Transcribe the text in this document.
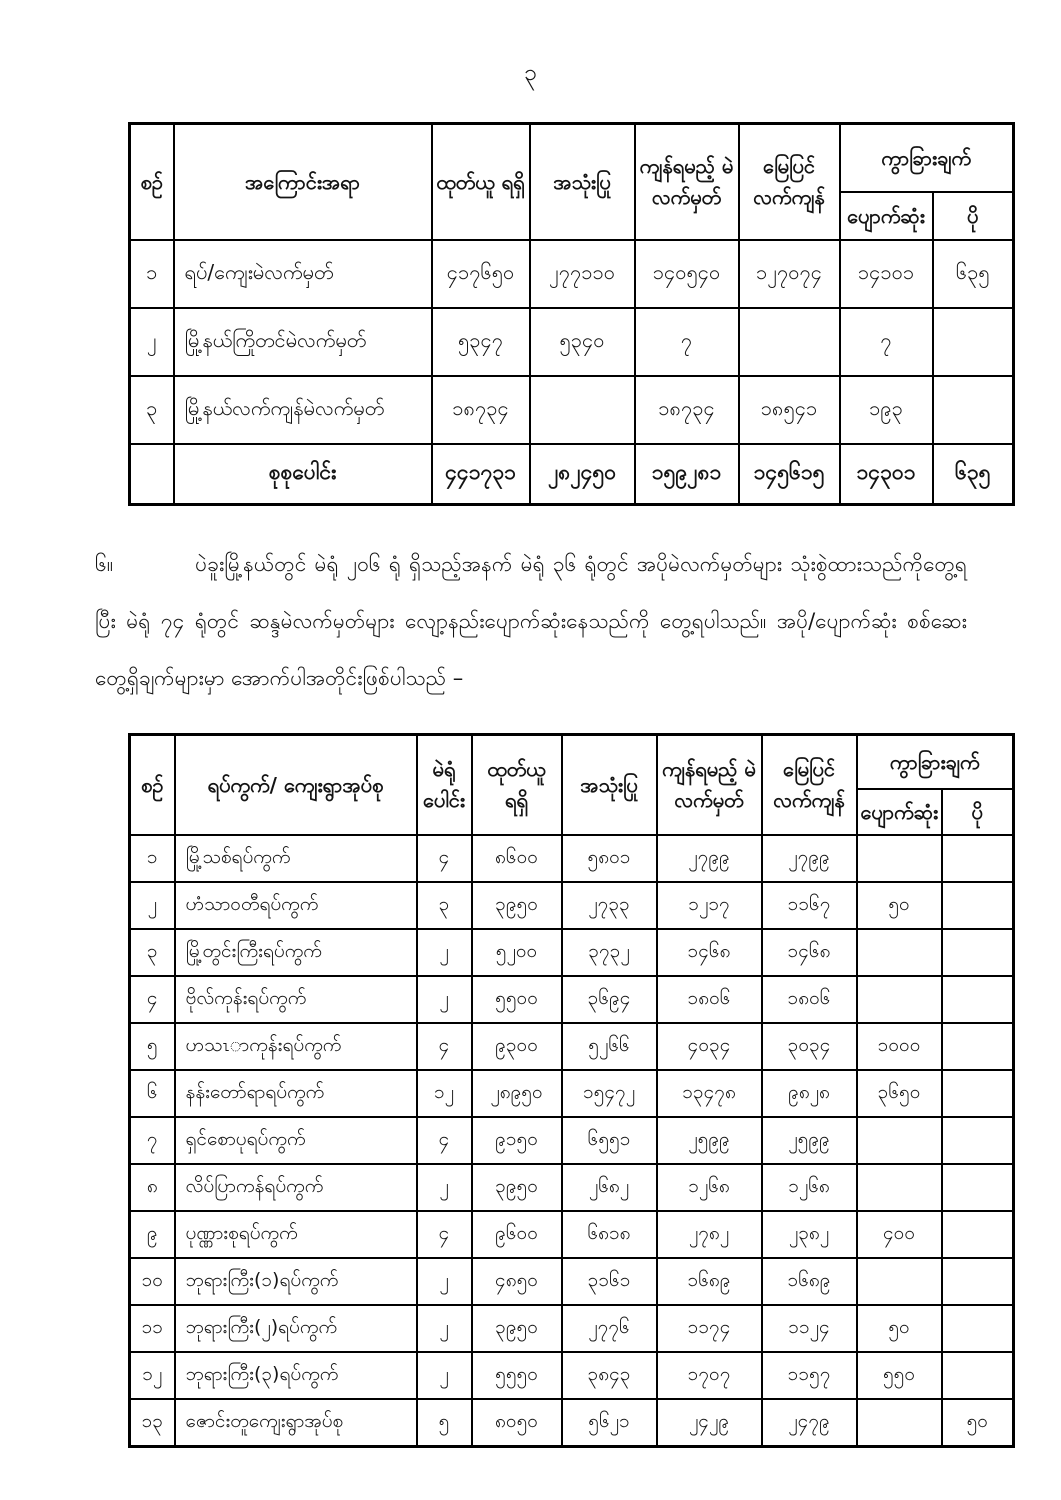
၃
စဉ်	အကြောင်းအရာ	ထုတ်ယူ ရရှိ	အသုံးပြု	ကျန်ရမည့် မဲလက်မှတ်	မြေပြင် လက်ကျန်	ကွာခြားချက်	
						ပျောက်ဆုံး	ပို
၁	ရပ်/ကျေးမဲလက်မှတ်	၄၁၇၆၅၀	၂၇၇၁၁၀	၁၄၀၅၄၀	၁၂၇၀၇၄	၁၄၁၀၁	၆၃၅
၂	မြို့နယ်ကြိုတင်မဲလက်မှတ်	၅၃၄၇	၅၃၄၀	၇		၇	
၃	မြို့နယ်လက်ကျန်မဲလက်မှတ်	၁၈၇၃၄		၁၈၇၃၄	၁၈၅၄၁	၁၉၃	
	စုစုပေါင်း	၄၄၁၇၃၁	၂၈၂၄၅၀	၁၅၉၂၈၁	၁၄၅၆၁၅	၁၄၃၀၁	၆၃၅
၆။	ပဲခူးမြို့နယ်တွင် မဲရုံ ၂၀၆ ရုံ ရှိသည့်အနက် မဲရုံ ၃၆ ရုံတွင် အပိုမဲလက်မှတ်များ သုံးစွဲထားသည်ကိုတွေ့ရပြီး မဲရုံ ၇၄ ရုံတွင် ဆန္ဒမဲလက်မှတ်များ လျော့နည်းပျောက်ဆုံးနေသည်ကို တွေ့ရပါသည်။ အပို/ပျောက်ဆုံး စစ်ဆေးတွေ့ရှိချက်များမှာ အောက်ပါအတိုင်းဖြစ်ပါသည် –
စဉ်	ရပ်ကွက်/ ကျေးရွာအုပ်စု	မဲရုံ ပေါင်း	ထုတ်ယူ ရရှိ	အသုံးပြု	ကျန်ရမည့် မဲလက်မှတ်	မြေပြင် လက်ကျန်	ကွာခြားချက်	
							ပျောက်ဆုံး	ပို
၁	မြို့သစ်ရပ်ကွက်	၄	၈၆၀၀	၅၈၀၁	၂၇၉၉	၂၇၉၉		
၂	ဟံသာဝတီရပ်ကွက်	၃	၃၉၅၀	၂၇၃၃	၁၂၁၇	၁၁၆၇	၅၀	
၃	မြို့တွင်းကြီးရပ်ကွက်	၂	၅၂၀၀	၃၇၃၂	၁၄၆၈	၁၄၆၈		
၄	ဗိုလ်ကုန်းရပ်ကွက်	၂	၅၅၀၀	၃၆၉၄	၁၈၀၆	၁၈၀၆		
၅	ဟသၤာကုန်းရပ်ကွက်	၄	၉၃၀၀	၅၂၆၆	၄၀၃၄	၃၀၃၄	၁၀၀၀	
၆	နန်းတော်ရာရပ်ကွက်	၁၂	၂၈၉၅၀	၁၅၄၇၂	၁၃၄၇၈	၉၈၂၈	၃၆၅၀	
၇	ရှင်စောပုရပ်ကွက်	၄	၉၁၅၀	၆၅၅၁	၂၅၉၉	၂၅၉၉		
၈	လိပ်ပြာကန်ရပ်ကွက်	၂	၃၉၅၀	၂၆၈၂	၁၂၆၈	၁၂၆၈		
၉	ပုဏ္ဏားစုရပ်ကွက်	၄	၉၆၀၀	၆၈၁၈	၂၇၈၂	၂၃၈၂	၄၀၀	
၁၀	ဘုရားကြီး(၁)ရပ်ကွက်	၂	၄၈၅၀	၃၁၆၁	၁၆၈၉	၁၆၈၉		
၁၁	ဘုရားကြီး(၂)ရပ်ကွက်	၂	၃၉၅၀	၂၇၇၆	၁၁၇၄	၁၁၂၄	၅၀	
၁၂	ဘုရားကြီး(၃)ရပ်ကွက်	၂	၅၅၅၀	၃၈၄၃	၁၇၀၇	၁၁၅၇	၅၅၀	
၁၃	ဇောင်းတူကျေးရွာအုပ်စု	၅	၈၀၅၀	၅၆၂၁	၂၄၂၉	၂၄၇၉		၅၀
